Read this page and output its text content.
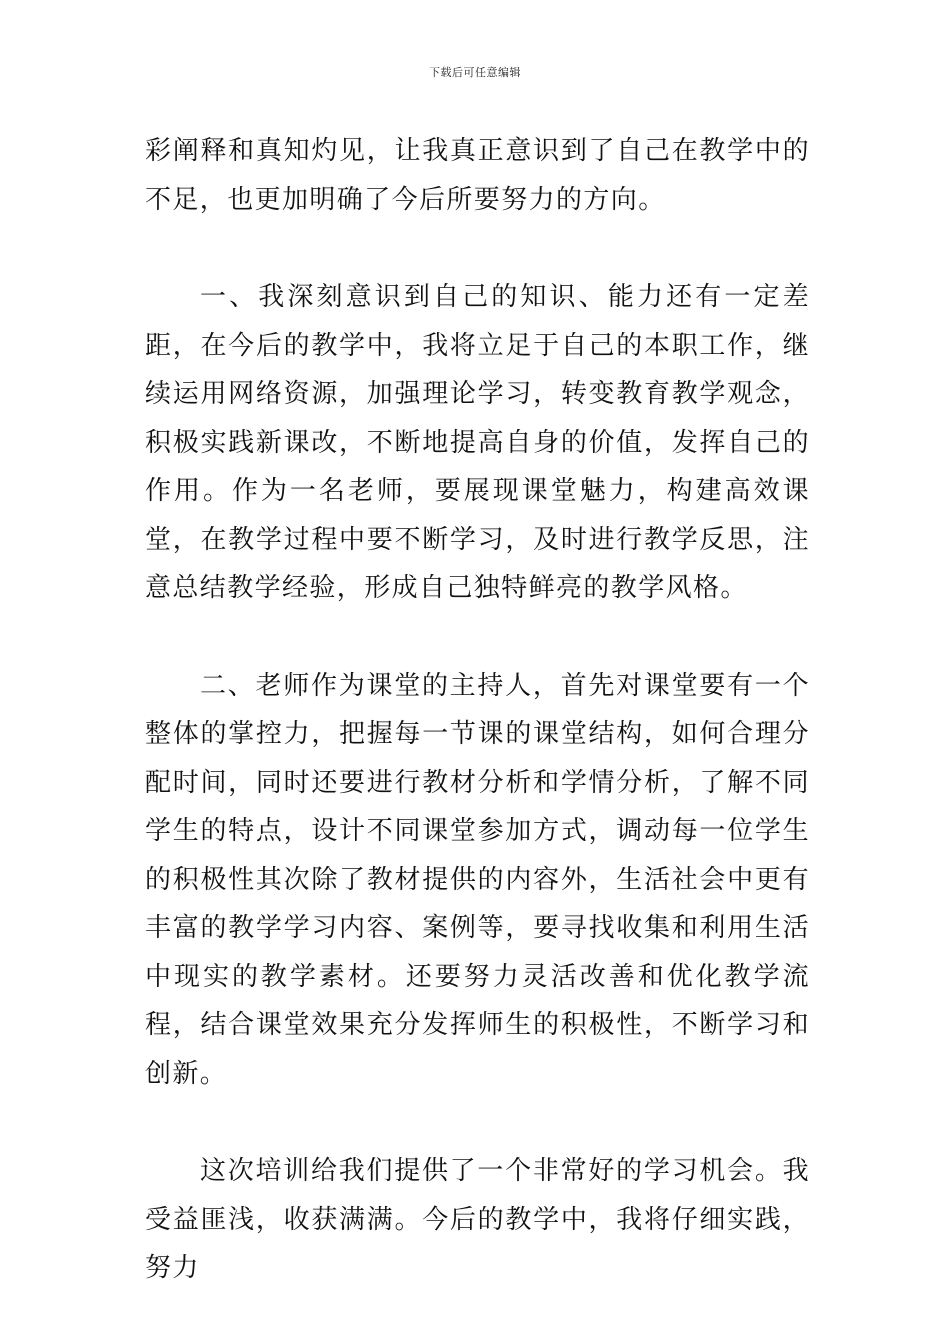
下载后可任意编辑

彩阐释和真知灼见，让我真正意识到了自己在教学中的不足，也更加明确了今后所要努力的方向。

一、我深刻意识到自己的知识、能力还有一定差距，在今后的教学中，我将立足于自己的本职工作，继续运用网络资源，加强理论学习，转变教育教学观念，积极实践新课改，不断地提高自身的价值，发挥自己的作用。作为一名老师，要展现课堂魅力，构建高效课堂，在教学过程中要不断学习，及时进行教学反思，注意总结教学经验，形成自己独特鲜亮的教学风格。

二、老师作为课堂的主持人，首先对课堂要有一个整体的掌控力，把握每一节课的课堂结构，如何合理分配时间，同时还要进行教材分析和学情分析，了解不同学生的特点，设计不同课堂参加方式，调动每一位学生的积极性其次除了教材提供的内容外，生活社会中更有丰富的教学学习内容、案例等，要寻找收集和利用生活中现实的教学素材。还要努力灵活改善和优化教学流程，结合课堂效果充分发挥师生的积极性，不断学习和创新。

这次培训给我们提供了一个非常好的学习机会。我受益匪浅，收获满满。今后的教学中，我将仔细实践，努力
